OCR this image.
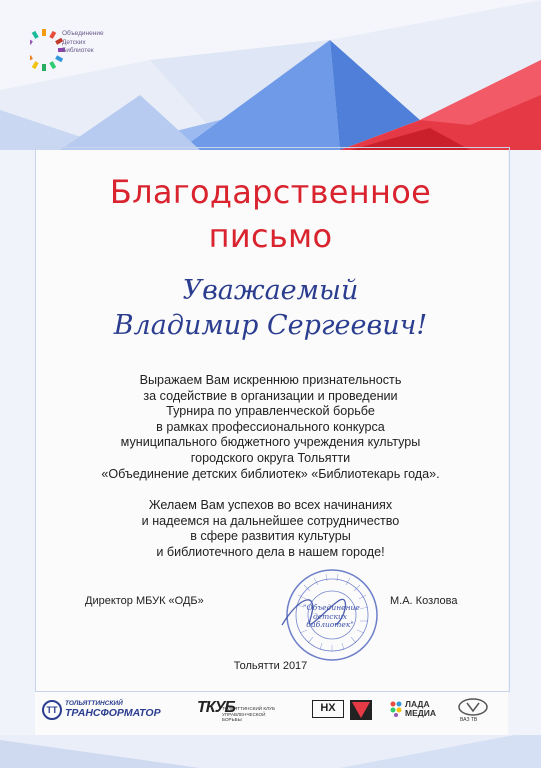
Объединение
Детских
Библиотек
Благодарственное
письмо
Уважаемый
Владимир Сергеевич!
Выражаем Вам искреннюю признательность
за содействие в организации и проведении
Турнира по управленческой борьбе
в рамках профессионального конкурса
муниципального бюджетного учреждения культуры
городского округа Тольятти
«Объединение детских библиотек» «Библиотекарь года».
Желаем Вам успехов во всех начинаниях
и надеемся на дальнейшее сотрудничество
в сфере развития культуры
и библиотечного дела в нашем городе!
Директор МБУК «ОДБ»	М.А. Козлова
"Объединение
детских
библиотек"
Тольятти 2017
ТТ
ТОЛЬЯТТИНСКИЙ
ТРАНСФОРМАТОР ТКУБ
ТОЛЬЯТТИНСКИЙ КЛУБ УПРАВЛЕНЧЕСКОЙ БОРЬБЫ
НХ	ЛАДА
МЕДИА
ВАЗ ТВ
